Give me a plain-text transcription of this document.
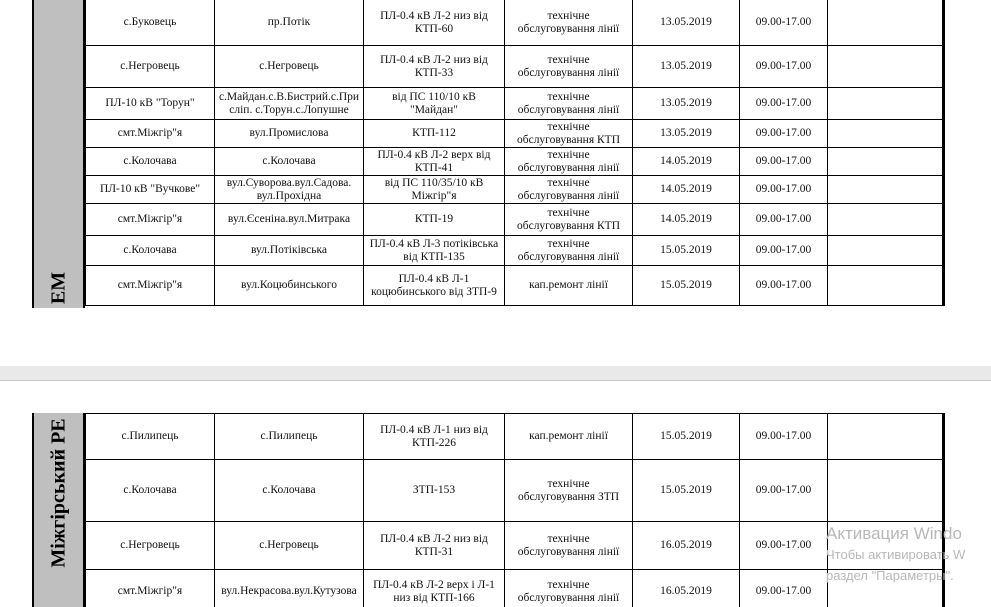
ЕМ
с.Буковець	пр.Потік	ПЛ-0.4 кВ Л-2 низ від КТП-60	технічне обслуговування лінії	13.05.2019	09.00-17.00	
с.Негровець	с.Негровець	ПЛ-0.4 кВ Л-2 низ від КТП-33	технічне обслуговування лінії	13.05.2019	09.00-17.00	
ПЛ-10 кВ "Торун"	с.Майдан.с.В.Бистрий.с.При сліп. с.Торун.с.Лопушне	від ПС 110/10 кВ "Майдан"	технічне обслуговування лінії	13.05.2019	09.00-17.00	
смт.Міжгір"я	вул.Промислова	КТП-112	технічне обслуговування КТП	13.05.2019	09.00-17.00	
с.Колочава	с.Колочава	ПЛ-0.4 кВ Л-2 верх від КТП-41	технічне обслуговування лінії	14.05.2019	09.00-17.00	
ПЛ-10 кВ "Вучкове"	вул.Суворова.вул.Садова. вул.Прохідна	від ПС 110/35/10 кВ Міжгір"я	технічне обслуговування лінії	14.05.2019	09.00-17.00	
смт.Міжгір"я	вул.Єсеніна.вул.Митрака	КТП-19	технічне обслуговування КТП	14.05.2019	09.00-17.00	
с.Колочава	вул.Потіківська	ПЛ-0.4 кВ Л-3 потіківська від КТП-135	технічне обслуговування лінії	15.05.2019	09.00-17.00	
смт.Міжгір"я	вул.Коцюбинського	ПЛ-0.4 кВ Л-1 коцюбинського від ЗТП-9	кап.ремонт лінії	15.05.2019	09.00-17.00	
Міжгірський РЕ	с.Пилипець	с.Пилипець	ПЛ-0.4 кВ Л-1 низ від КТП-226	кап.ремонт лінії	15.05.2019	09.00-17.00	
с.Колочава	с.Колочава	ЗТП-153	технічне обслуговування ЗТП	15.05.2019	09.00-17.00	
с.Негровець	с.Негровець	ПЛ-0.4 кВ Л-2 низ від КТП-31	технічне обслуговування лінії	16.05.2019	09.00-17.00	
смт.Міжгір"я	вул.Некрасова.вул.Кутузова	ПЛ-0.4 кВ Л-2 верх і Л-1 низ від КТП-166	технічне обслуговування лінії	16.05.2019	09.00-17.00	
Активация Windo
Чтобы активировать W
раздел "Параметры".
